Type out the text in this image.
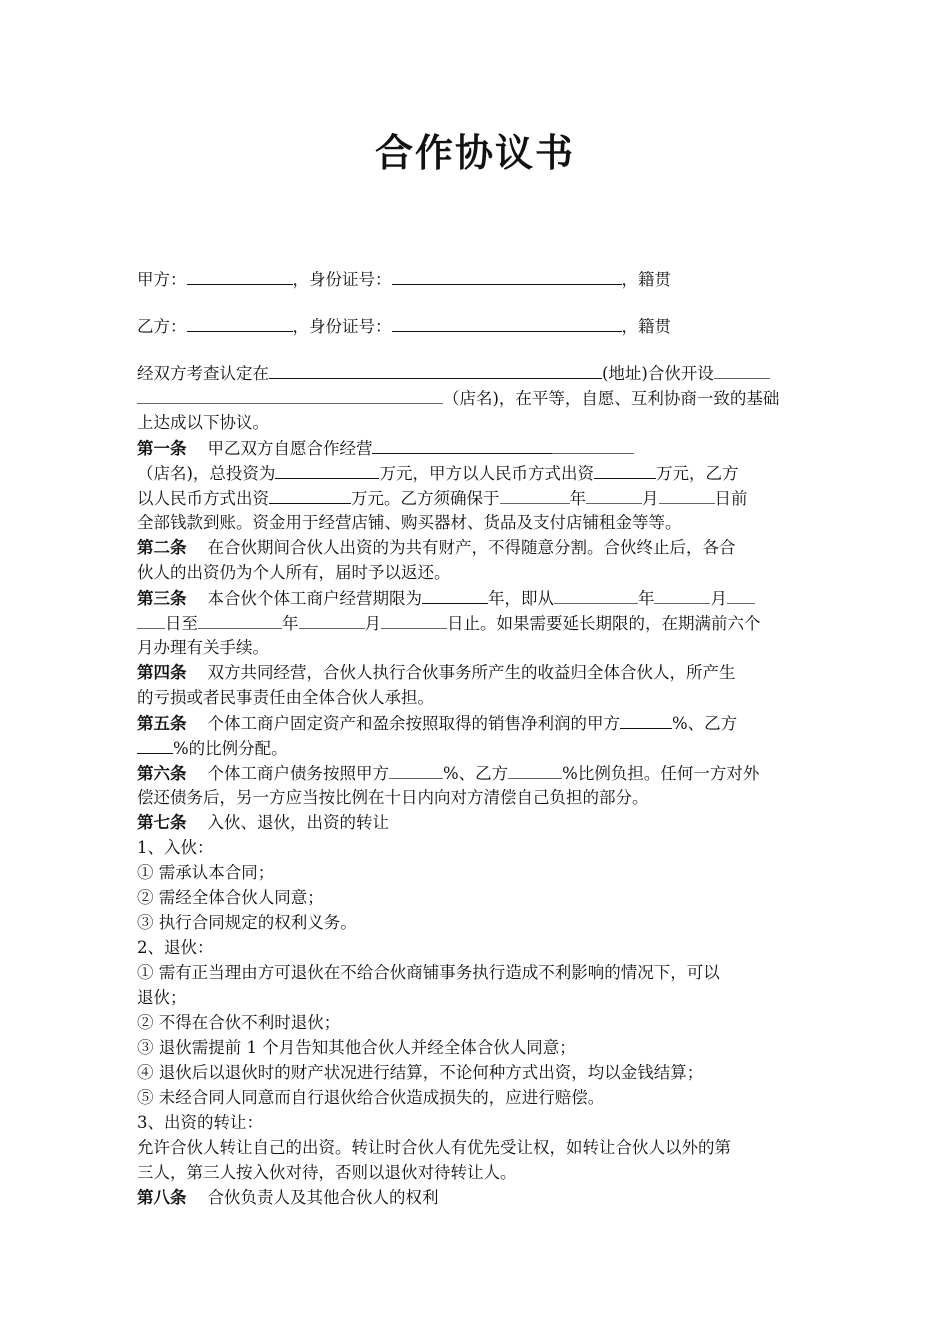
合作协议书
甲方：	，身份证号：	，籍贯
乙方：	，身份证号：	，籍贯
经双方考查认定在	(地址)合伙开设
（店名)，在平等，自愿、互利协商一致的基础
上达成以下协议。
第一条 甲乙双方自愿合作经营
（店名)，总投资为	万元，甲方以人民币方式出资	万元，乙方
以人民币方式出资	万元。乙方须确保于	年	月	日前
全部钱款到账。资金用于经营店铺、购买器材、货品及支付店铺租金等等。
第二条 在合伙期间合伙人出资的为共有财产，不得随意分割。合伙终止后，各合
伙人的出资仍为个人所有，届时予以返还。
第三条 本合伙个体工商户经营期限为	年，即从	年	月
日至	年	月	日止。如果需要延长期限的，在期满前六个
月办理有关手续。
第四条 双方共同经营，合伙人执行合伙事务所产生的收益归全体合伙人，所产生
的亏损或者民事责任由全体合伙人承担。
第五条 个体工商户固定资产和盈余按照取得的销售净利润的甲方	%、乙方
%的比例分配。
第六条 个体工商户债务按照甲方	%、乙方	%比例负担。任何一方对外
偿还债务后，另一方应当按比例在十日内向对方清偿自己负担的部分。
第七条 入伙、退伙，出资的转让
1、入伙：
① 需承认本合同；
② 需经全体合伙人同意；
③ 执行合同规定的权利义务。
2、退伙：
① 需有正当理由方可退伙在不给合伙商铺事务执行造成不利影响的情况下，可以
退伙；
② 不得在合伙不利时退伙；
③ 退伙需提前 1 个月告知其他合伙人并经全体合伙人同意；
④ 退伙后以退伙时的财产状况进行结算，不论何种方式出资，均以金钱结算；
⑤ 未经合同人同意而自行退伙给合伙造成损失的，应进行赔偿。
3、出资的转让：
允许合伙人转让自己的出资。转让时合伙人有优先受让权，如转让合伙人以外的第
三人，第三人按入伙对待，否则以退伙对待转让人。
第八条 合伙负责人及其他合伙人的权利
